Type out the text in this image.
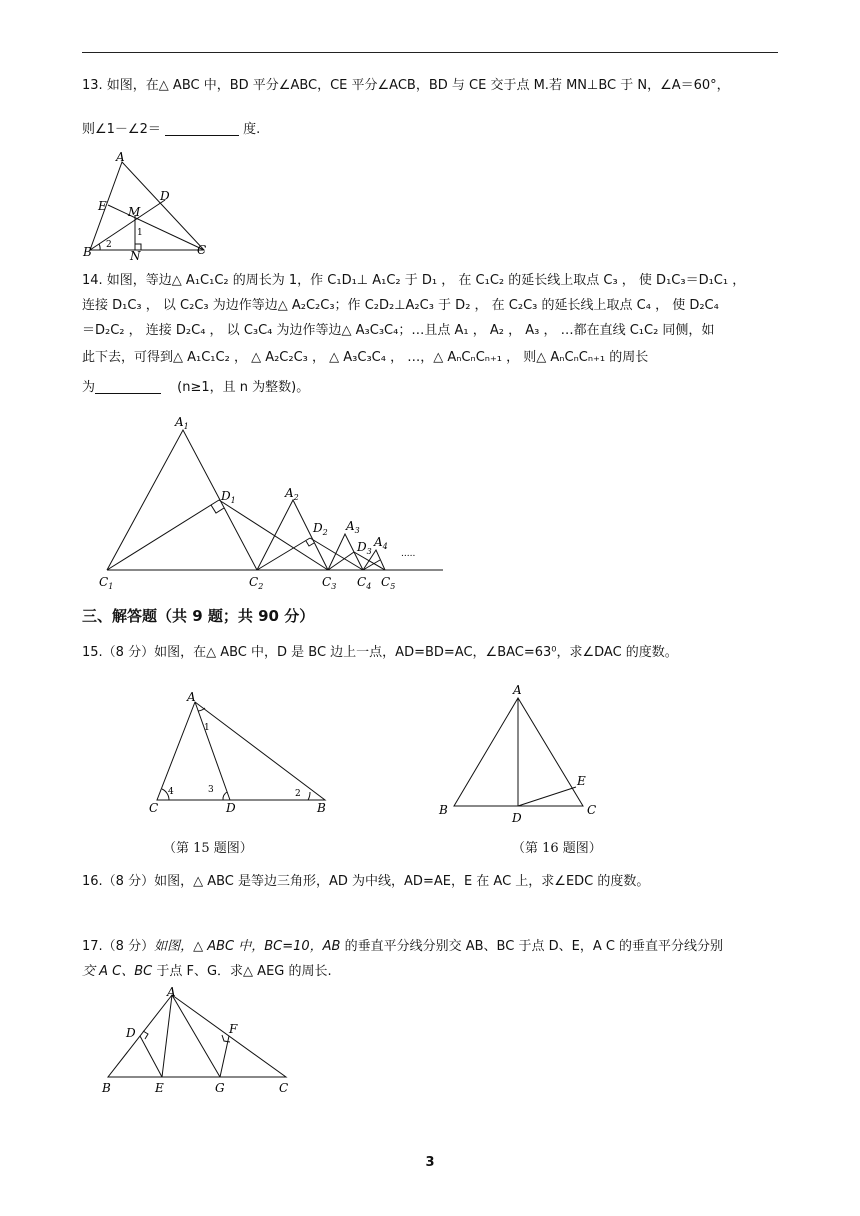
13. 如图，在△ ABC 中，BD 平分∠ABC，CE 平分∠ACB，BD 与 CE 交于点 M.若 MN⊥BC 于 N，∠A＝60°，
则∠1－∠2＝	度.
A
B	C
D
E M
N
1
2
14. 如图，等边△ A₁C₁C₂ 的周长为 1，作 C₁D₁⊥ A₁C₂ 于 D₁ ， 在 C₁C₂ 的延长线上取点 C₃ ， 使 D₁C₃＝D₁C₁ ，
连接 D₁C₃ ， 以 C₂C₃ 为边作等边△ A₂C₂C₃；作 C₂D₂⊥A₂C₃ 于 D₂ ， 在 C₂C₃ 的延长线上取点 C₄ ， 使 D₂C₄
＝D₂C₂ ， 连接 D₂C₄ ， 以 C₃C₄ 为边作等边△ A₃C₃C₄；…且点 A₁ ， A₂ ， A₃ ， …都在直线 C₁C₂ 同侧，如
此下去，可得到△ A₁C₁C₂ ， △ A₂C₂C₃ ， △ A₃C₃C₄ ， …，△ AₙCₙCₙ₊₁ ， 则△ AₙCₙCₙ₊₁ 的周长
为	(n≥1，且 n 为整数)。
$A_1$
$A_2$
$A_3$
$A_4$
$D_1$
$D_2$
$D_3$
$C_1$	$C_2$	$C_3$ $C_4$ $C_5$
.....
三、解答题（共 9 题；共 90 分）
15.（8 分）如图，在△ ABC 中，D 是 BC 边上一点，AD=BD=AC，∠BAC=63⁰，求∠DAC 的度数。
A
C	D	B
1
2
3
4
（第 15 题图）
A
B	C
D
E
（第 16 题图）
16.（8 分）如图，△ ABC 是等边三角形，AD 为中线，AD=AE，E 在 AC 上，求∠EDC 的度数。
17.（8 分）如图，△ ABC 中，BC=10，AB 的垂直平分线分别交 AB、BC 于点 D、E，A C 的垂直平分线分别
交 A C、BC 于点 F、G．求△ AEG 的周长.
A
B	E	G	C
D	F
3
